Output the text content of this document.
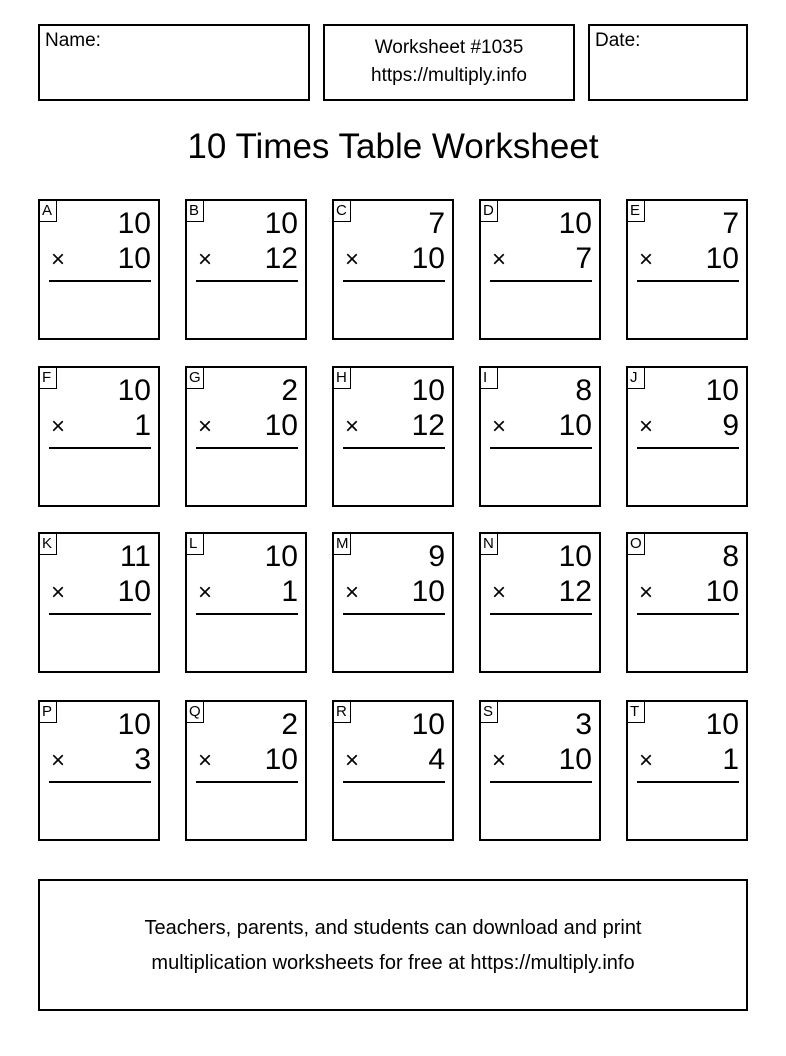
Name:	Worksheet #1035
https://multiply.info
Date:
10 Times Table Worksheet
A 10
× 10
B 10
× 12
C	7
× 10
D 10
× 7
E	7
× 10
F 10
× 1
G	2
× 10
H 10
× 12
I	8
× 10
J 10
× 9
K 11
× 10
L 10
× 1
M	9
× 10
N 10
× 12
O	8
× 10
P 10
× 3
Q	2
× 10
R 10
× 4
S	3
× 10
T 10
× 1
Teachers, parents, and students can download and print
multiplication worksheets for free at https://multiply.info
